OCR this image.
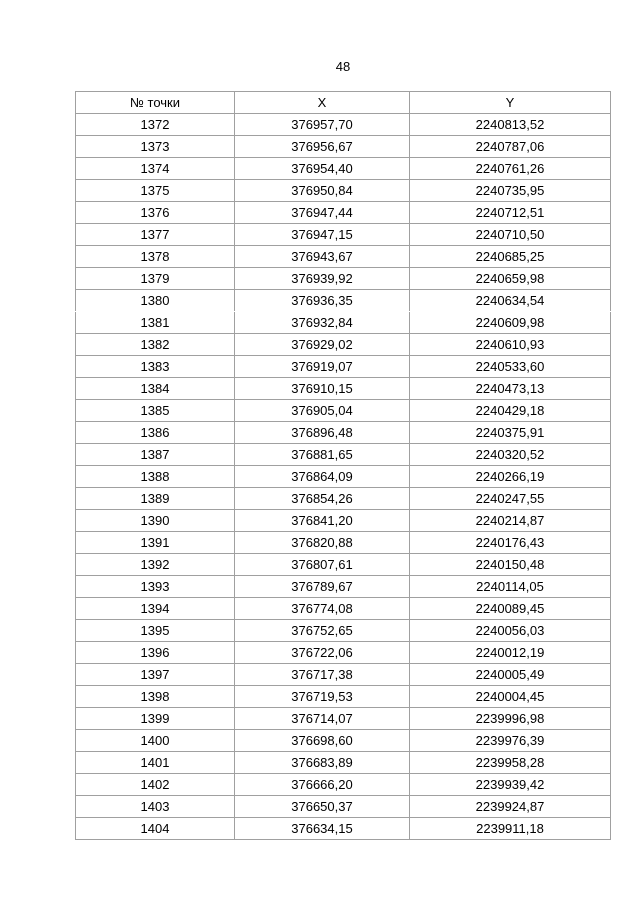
48
№ точки	X	Y
1372	376957,70	2240813,52
1373	376956,67	2240787,06
1374	376954,40	2240761,26
1375	376950,84	2240735,95
1376	376947,44	2240712,51
1377	376947,15	2240710,50
1378	376943,67	2240685,25
1379	376939,92	2240659,98
1380	376936,35	2240634,54
1381	376932,84	2240609,98
1382	376929,02	2240610,93
1383	376919,07	2240533,60
1384	376910,15	2240473,13
1385	376905,04	2240429,18
1386	376896,48	2240375,91
1387	376881,65	2240320,52
1388	376864,09	2240266,19
1389	376854,26	2240247,55
1390	376841,20	2240214,87
1391	376820,88	2240176,43
1392	376807,61	2240150,48
1393	376789,67	2240114,05
1394	376774,08	2240089,45
1395	376752,65	2240056,03
1396	376722,06	2240012,19
1397	376717,38	2240005,49
1398	376719,53	2240004,45
1399	376714,07	2239996,98
1400	376698,60	2239976,39
1401	376683,89	2239958,28
1402	376666,20	2239939,42
1403	376650,37	2239924,87
1404	376634,15	2239911,18
